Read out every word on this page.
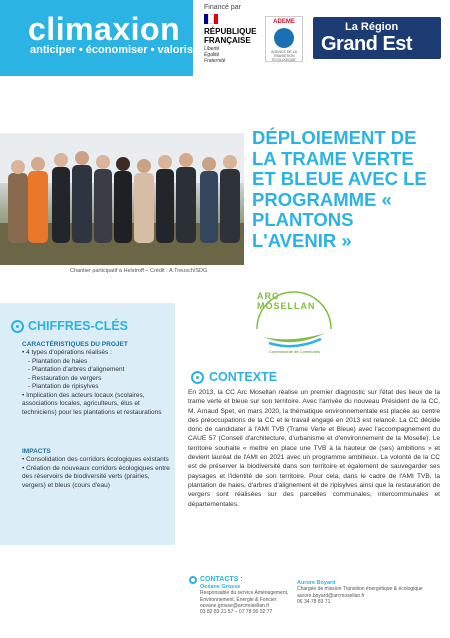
climaxion
anticiper • économiser • valoriser
Financé par
RÉPUBLIQUE
FRANÇAISE
Liberté
Égalité
Fraternité
ADEME
AGENCE DE LA TRANSITION ÉCOLOGIQUE
La Région
Grand Est
Chantier participatif à Helstroff – Crédit : A.Treusch/SDG
DÉPLOIEMENT DE LA TRAME VERTE ET BLEUE AVEC LE PROGRAMME « PLANTONS L'AVENIR »
ARC MOSELLAN
Communauté de Communes
CHIFFRES-CLÉS
CARACTÉRISTIQUES DU PROJET
• 4 types d'opérations réalisés :
- Plantation de haies
- Plantation d'arbres d'alignement
- Restauration de vergers
- Plantation de ripisylves
• Implication des acteurs locaux (scolaires, associations locales, agriculteurs, élus et techniciens) pour les plantations et restaurations
IMPACTS
• Consolidation des corridors écologiques existants
• Création de nouveaux corridors écologiques entre des réservoirs de biodiversité verts (prairies, vergers) et bleus (cours d'eau)
CONTEXTE
En 2013, la CC Arc Mosellan réalise un premier diagnostic sur l'état des lieux de la trame verte et bleue sur son territoire. Avec l'arrivée du nouveau Président de la CC, M. Arnaud Spet, en mars 2020, la thématique environnementale est placée au centre des préoccupations de la CC et le travail engagé en 2013 est relancé. La CC décide donc de candidater à l'AMI TVB (Trame Verte et Bleue) avec l'accompagnement du CAUE 57 (Conseil d'architecture, d'urbanisme et d'environnement de la Moselle). Le territoire souhaite « mettre en place une TVB à la hauteur de (ses) ambitions » et devient lauréat de l'AMI en 2021 avec un programme ambitieux. La volonté de la CC est de préserver la biodiversité dans son territoire et également de sauvegarder ses paysages et l'identité de son territoire. Pour cela, dans le cadre de l'AMI TVB, la plantation de haies, d'arbres d'alignement et de ripisylves ainsi que la restauration de vergers sont réalisées sur des parcelles communales, intercommunales et départementales.
CONTACTS :
Océane Grosse
Responsable du service Aménagement,
Environnement, Énergie & Foncier
oceane.grosse@arcmosellan.fr
03 82 83 21 57 – 07 78 90 32 77
Aurore Boyard
Chargée de mission Transition énergétique & écologique
aurore.boyard@arcmosellan.fr
06 34 78 83 71
